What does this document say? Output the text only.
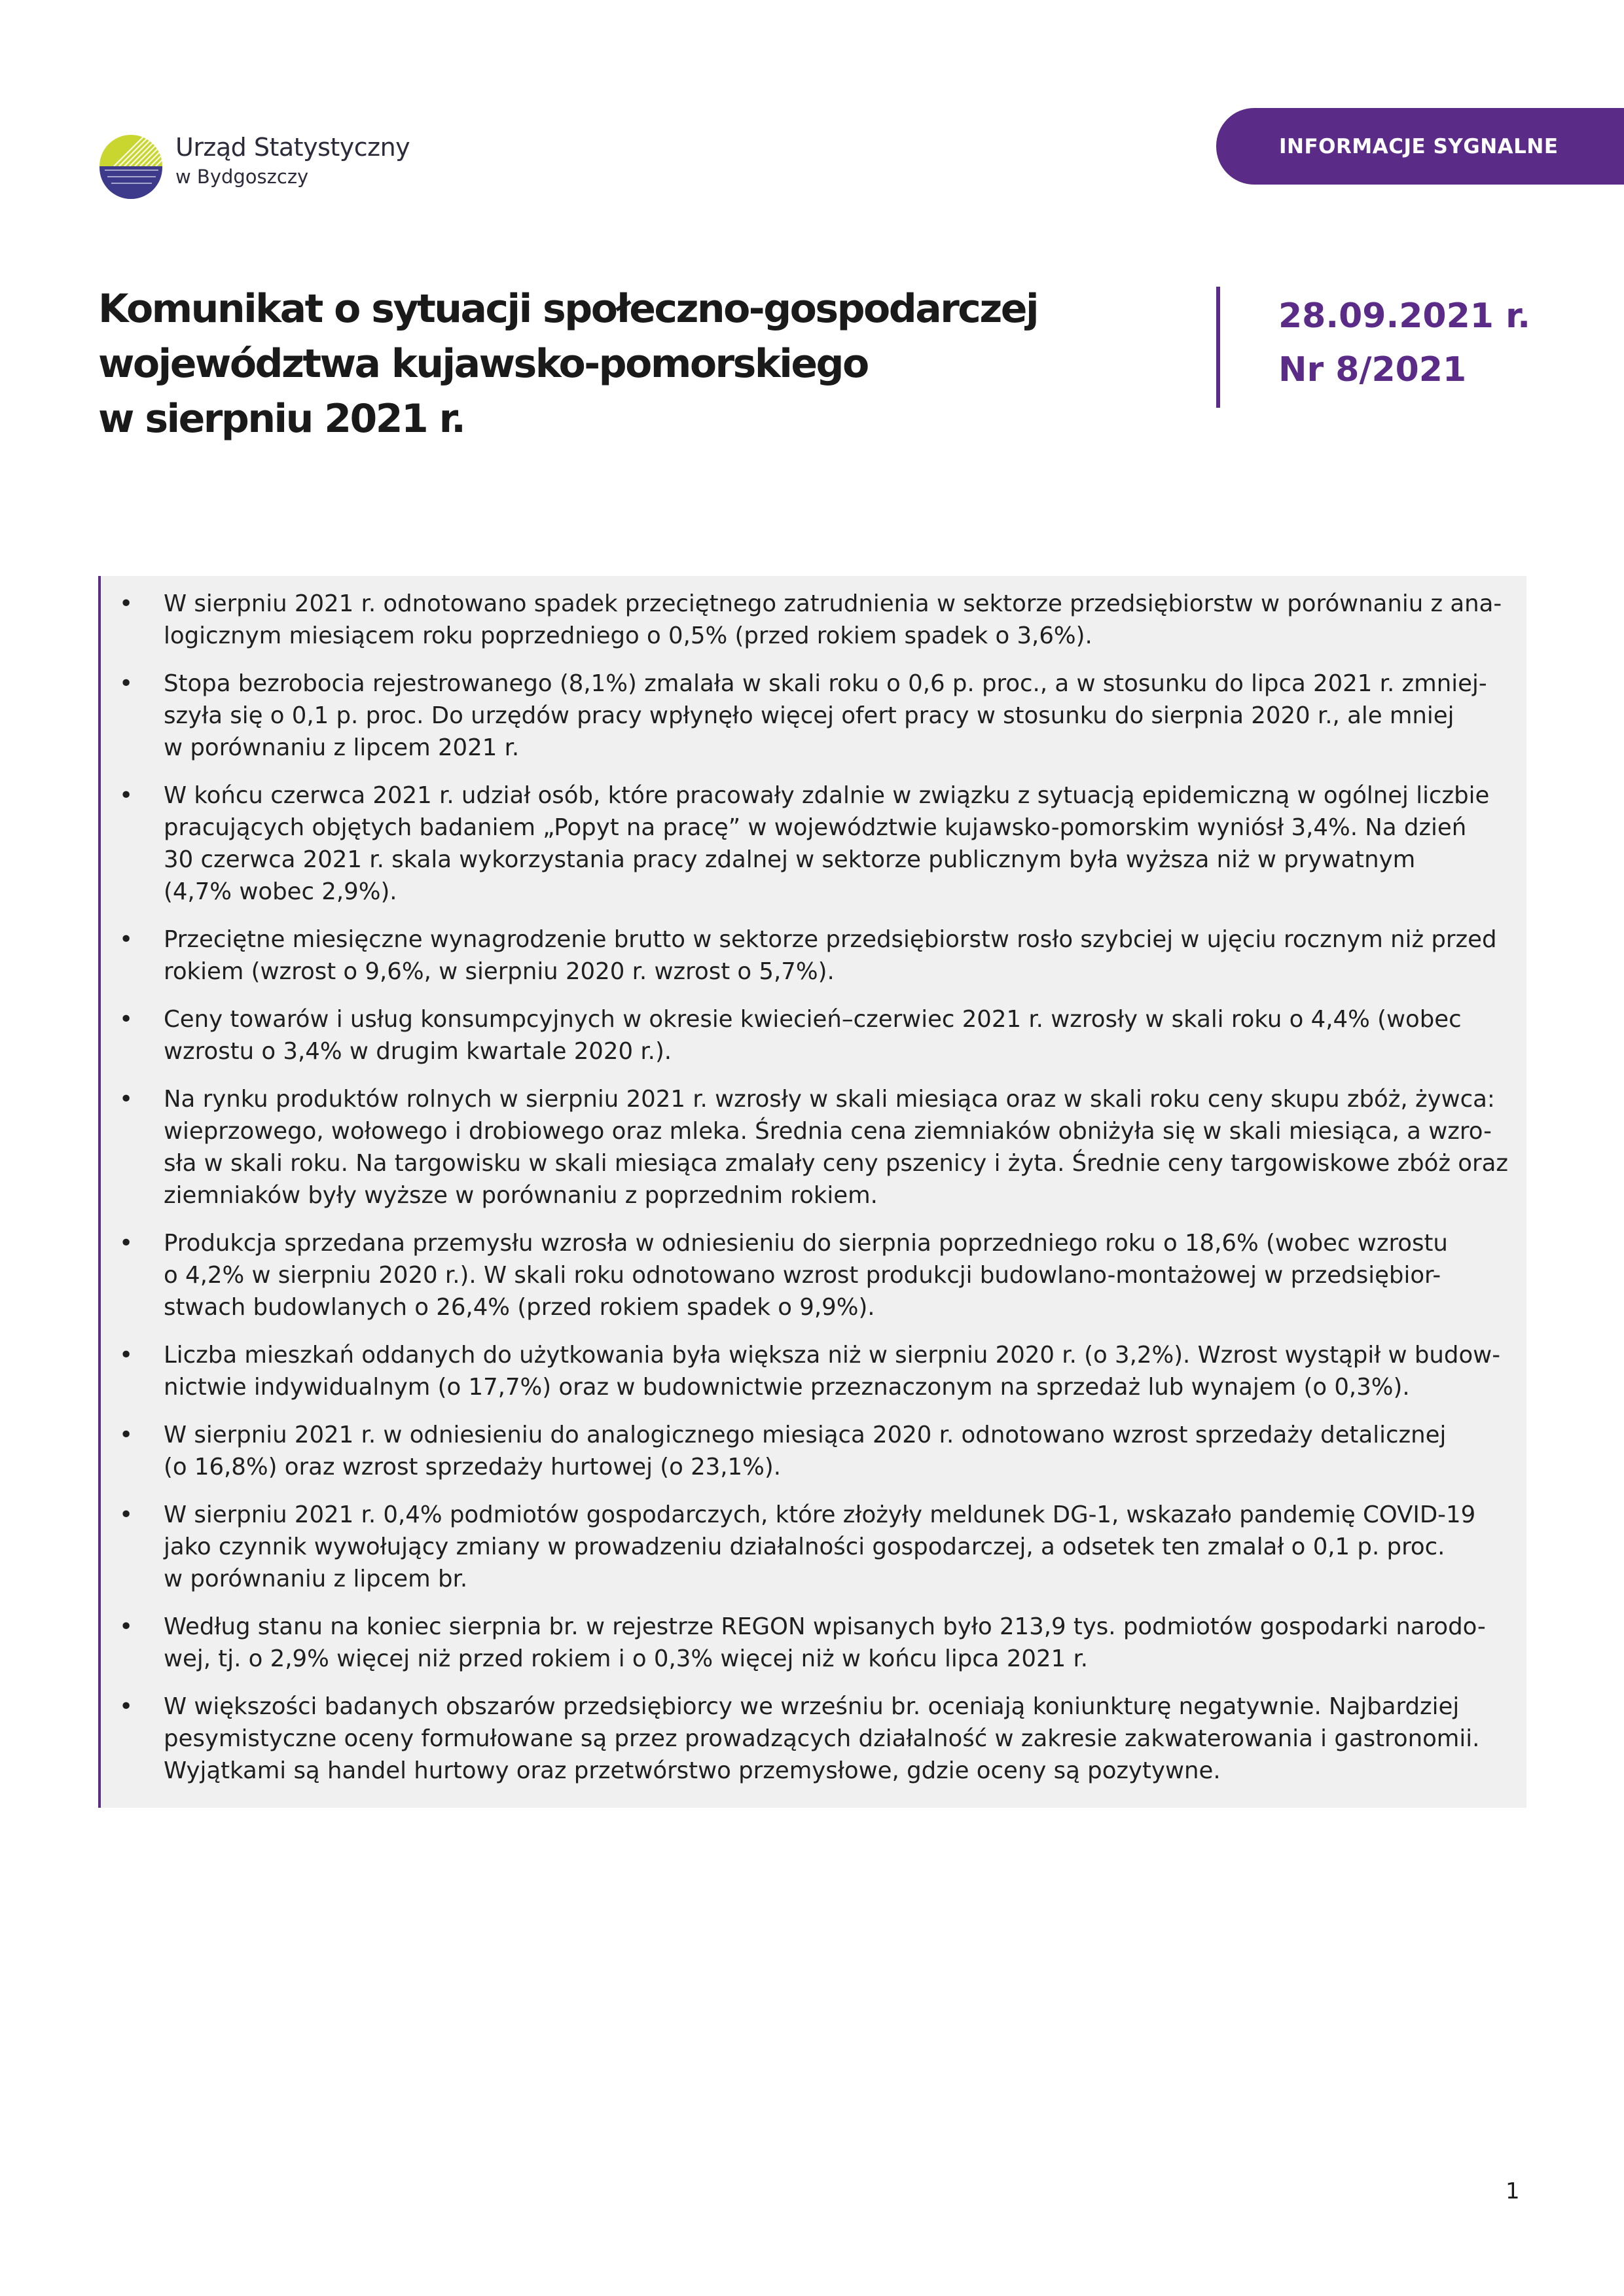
Urząd Statystyczny
w Bydgoszczy
INFORMACJE SYGNALNE
Komunikat o sytuacji społeczno-gospodarczej
województwa kujawsko-pomorskiego
w sierpniu 2021 r.
28.09.2021 r.
Nr 8/2021
• W sierpniu 2021 r. odnotowano spadek przeciętnego zatrudnienia w sektorze przedsiębiorstw w porównaniu z ana-
logicznym miesiącem roku poprzedniego o 0,5% (przed rokiem spadek o 3,6%).
• Stopa bezrobocia rejestrowanego (8,1%) zmalała w skali roku o 0,6 p. proc., a w stosunku do lipca 2021 r. zmniej-
szyła się o 0,1 p. proc. Do urzędów pracy wpłynęło więcej ofert pracy w stosunku do sierpnia 2020 r., ale mniej
w porównaniu z lipcem 2021 r.
• W końcu czerwca 2021 r. udział osób, które pracowały zdalnie w związku z sytuacją epidemiczną w ogólnej liczbie
pracujących objętych badaniem „Popyt na pracę” w województwie kujawsko-pomorskim wyniósł 3,4%. Na dzień
30 czerwca 2021 r. skala wykorzystania pracy zdalnej w sektorze publicznym była wyższa niż w prywatnym
(4,7% wobec 2,9%).
• Przeciętne miesięczne wynagrodzenie brutto w sektorze przedsiębiorstw rosło szybciej w ujęciu rocznym niż przed
rokiem (wzrost o 9,6%, w sierpniu 2020 r. wzrost o 5,7%).
• Ceny towarów i usług konsumpcyjnych w okresie kwiecień–czerwiec 2021 r. wzrosły w skali roku o 4,4% (wobec
wzrostu o 3,4% w drugim kwartale 2020 r.).
• Na rynku produktów rolnych w sierpniu 2021 r. wzrosły w skali miesiąca oraz w skali roku ceny skupu zbóż, żywca:
wieprzowego, wołowego i drobiowego oraz mleka. Średnia cena ziemniaków obniżyła się w skali miesiąca, a wzro-
sła w skali roku. Na targowisku w skali miesiąca zmalały ceny pszenicy i żyta. Średnie ceny targowiskowe zbóż oraz
ziemniaków były wyższe w porównaniu z poprzednim rokiem.
• Produkcja sprzedana przemysłu wzrosła w odniesieniu do sierpnia poprzedniego roku o 18,6% (wobec wzrostu
o 4,2% w sierpniu 2020 r.). W skali roku odnotowano wzrost produkcji budowlano-montażowej w przedsiębior-
stwach budowlanych o 26,4% (przed rokiem spadek o 9,9%).
• Liczba mieszkań oddanych do użytkowania była większa niż w sierpniu 2020 r. (o 3,2%). Wzrost wystąpił w budow-
nictwie indywidualnym (o 17,7%) oraz w budownictwie przeznaczonym na sprzedaż lub wynajem (o 0,3%).
• W sierpniu 2021 r. w odniesieniu do analogicznego miesiąca 2020 r. odnotowano wzrost sprzedaży detalicznej
(o 16,8%) oraz wzrost sprzedaży hurtowej (o 23,1%).
• W sierpniu 2021 r. 0,4% podmiotów gospodarczych, które złożyły meldunek DG-1, wskazało pandemię COVID-19
jako czynnik wywołujący zmiany w prowadzeniu działalności gospodarczej, a odsetek ten zmalał o 0,1 p. proc.
w porównaniu z lipcem br.
• Według stanu na koniec sierpnia br. w rejestrze REGON wpisanych było 213,9 tys. podmiotów gospodarki narodo-
wej, tj. o 2,9% więcej niż przed rokiem i o 0,3% więcej niż w końcu lipca 2021 r.
• W większości badanych obszarów przedsiębiorcy we wrześniu br. oceniają koniunkturę negatywnie. Najbardziej
pesymistyczne oceny formułowane są przez prowadzących działalność w zakresie zakwaterowania i gastronomii.
Wyjątkami są handel hurtowy oraz przetwórstwo przemysłowe, gdzie oceny są pozytywne.
1
